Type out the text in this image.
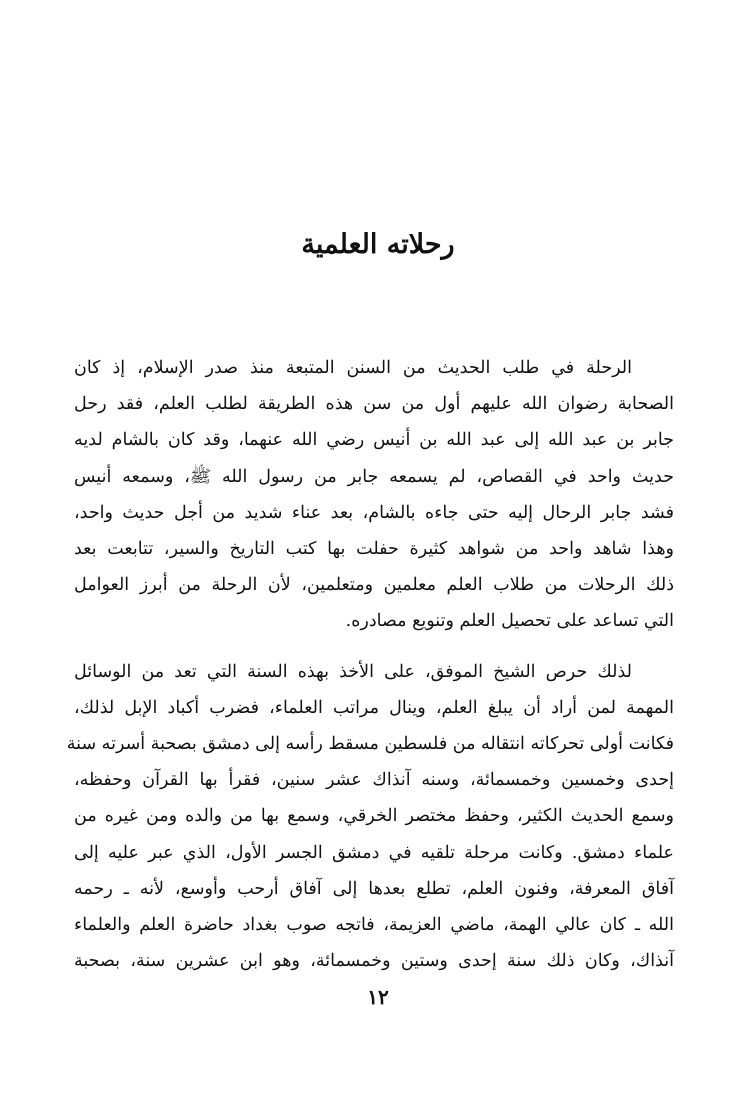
رحلاته العلمية

الرحلة في طلب الحديث من السنن المتبعة منذ صدر الإسلام، إذ كان
الصحابة رضوان الله عليهم أول من سن هذه الطريقة لطلب العلم، فقد رحل
جابر بن عبد الله إلى عبد الله بن أنيس رضي الله عنهما، وقد كان بالشام لديه
حديث واحد في القصاص، لم يسمعه جابر من رسول الله ﷺ، وسمعه أنيس
فشد جابر الرحال إليه حتى جاءه بالشام، بعد عناء شديد من أجل حديث واحد،
وهذا شاهد واحد من شواهد كثيرة حفلت بها كتب التاريخ والسير، تتابعت بعد
ذلك الرحلات من طلاب العلم معلمين ومتعلمين، لأن الرحلة من أبرز العوامل
التي تساعد على تحصيل العلم وتنويع مصادره.

لذلك حرص الشيخ الموفق، على الأخذ بهذه السنة التي تعد من الوسائل
المهمة لمن أراد أن يبلغ العلم، وينال مراتب العلماء، فضرب أكباد الإبل لذلك،
فكانت أولى تحركاته انتقاله من فلسطين مسقط رأسه إلى دمشق بصحبة أسرته سنة
إحدى وخمسين وخمسمائة، وسنه آنذاك عشر سنين، فقرأ بها القرآن وحفظه،
وسمع الحديث الكثير، وحفظ مختصر الخرقي، وسمع بها من والده ومن غيره من
علماء دمشق. وكانت مرحلة تلقيه في دمشق الجسر الأول، الذي عبر عليه إلى
آفاق المعرفة، وفنون العلم، تطلع بعدها إلى آفاق أرحب وأوسع، لأنه ـ رحمه
الله ـ كان عالي الهمة، ماضي العزيمة، فاتجه صوب بغداد حاضرة العلم والعلماء
آنذاك، وكان ذلك سنة إحدى وستين وخمسمائة، وهو ابن عشرين سنة، بصحبة

١٢
